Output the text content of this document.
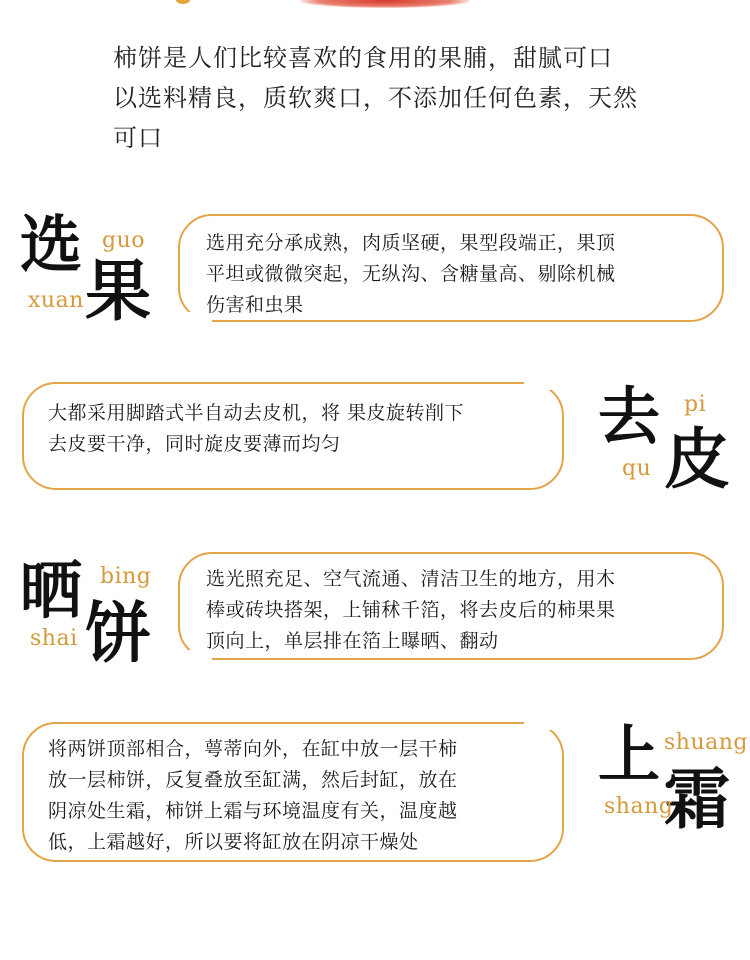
柿饼是人们比较喜欢的食用的果脯，甜腻可口
以选料精良，质软爽口，不添加任何色素，天然
可口
选
果
guo
xuan
选用充分承成熟，肉质坚硬，果型段端正，果顶
平坦或微微突起，无纵沟、含糖量高、剔除机械
伤害和虫果
大都采用脚踏式半自动去皮机，将 果皮旋转削下
去皮要干净，同时旋皮要薄而均匀	去
皮
pi
qu
晒
饼
bing
shai
选光照充足、空气流通、清洁卫生的地方，用木
棒或砖块搭架，上铺秫千箔，将去皮后的柿果果
顶向上，单层排在箔上曝晒、翻动
将两饼顶部相合，萼蒂向外，在缸中放一层干柿
放一层柿饼，反复叠放至缸满，然后封缸，放在
阴凉处生霜，柿饼上霜与环境温度有关，温度越
低，上霜越好，所以要将缸放在阴凉干燥处
上
霜
shuang
shang
